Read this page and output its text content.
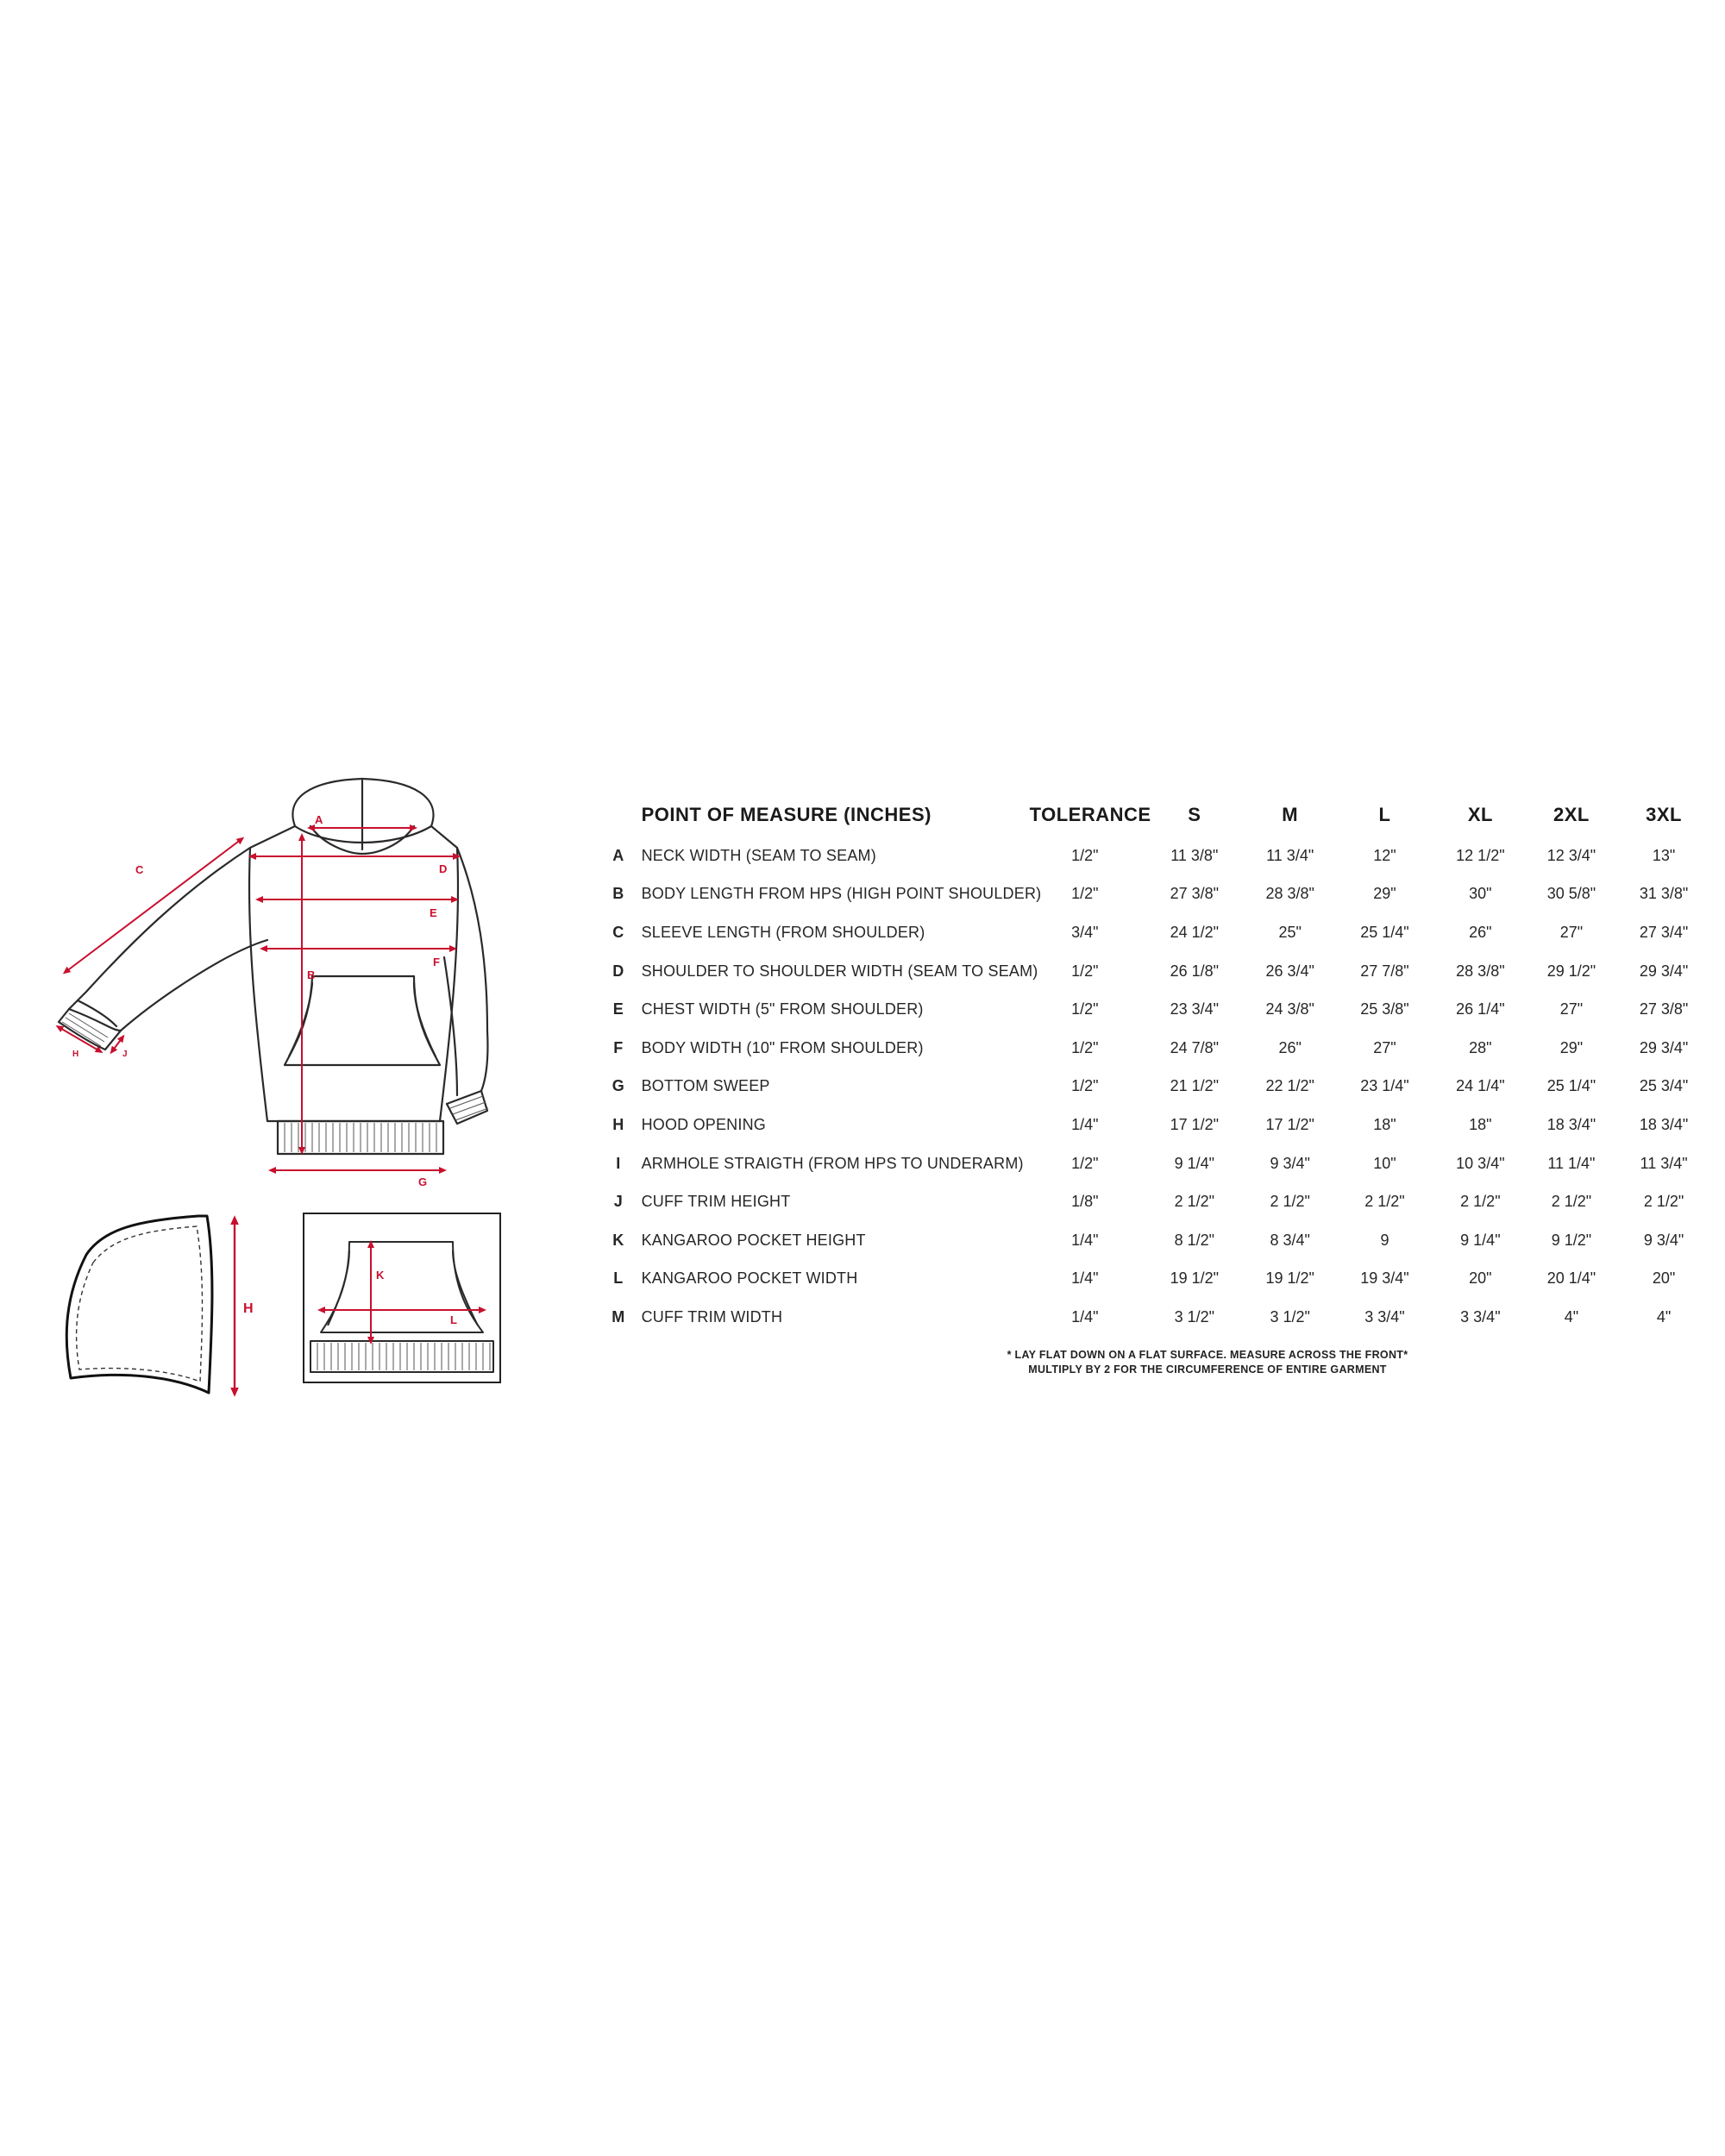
A
B
C	D
E
F
G
H	J
H
K
L
	POINT OF MEASURE (INCHES)	TOLERANCE	S	M	L	XL	2XL	3XL
A	NECK WIDTH (SEAM TO SEAM)	1/2"	11 3/8"	11 3/4"	12"	12 1/2"	12 3/4"	13"
B	BODY LENGTH FROM HPS (HIGH POINT SHOULDER)	1/2"	27 3/8"	28 3/8"	29"	30"	30 5/8"	31 3/8"
C	SLEEVE LENGTH (FROM SHOULDER)	3/4"	24 1/2"	25"	25 1/4"	26"	27"	27 3/4"
D	SHOULDER TO SHOULDER WIDTH (SEAM TO SEAM)	1/2"	26 1/8"	26 3/4"	27 7/8"	28 3/8"	29 1/2"	29 3/4"
E	CHEST WIDTH (5" FROM SHOULDER)	1/2"	23 3/4"	24 3/8"	25 3/8"	26 1/4"	27"	27 3/8"
F	BODY WIDTH (10" FROM SHOULDER)	1/2"	24 7/8"	26"	27"	28"	29"	29 3/4"
G	BOTTOM SWEEP	1/2"	21 1/2"	22 1/2"	23 1/4"	24 1/4"	25 1/4"	25 3/4"
H	HOOD OPENING	1/4"	17 1/2"	17 1/2"	18"	18"	18 3/4"	18 3/4"
I	ARMHOLE STRAIGTH (FROM HPS TO UNDERARM)	1/2"	9 1/4"	9 3/4"	10"	10 3/4"	11 1/4"	11 3/4"
J	CUFF TRIM HEIGHT	1/8"	2 1/2"	2 1/2"	2 1/2"	2 1/2"	2 1/2"	2 1/2"
K	KANGAROO POCKET HEIGHT	1/4"	8 1/2"	8 3/4"	9	9 1/4"	9 1/2"	9 3/4"
L	KANGAROO POCKET WIDTH	1/4"	19 1/2"	19 1/2"	19 3/4"	20"	20 1/4"	20"
M	CUFF TRIM WIDTH	1/4"	3 1/2"	3 1/2"	3 3/4"	3 3/4"	4"	4"
* LAY FLAT DOWN ON A FLAT SURFACE. MEASURE ACROSS THE FRONT*
MULTIPLY BY 2 FOR THE CIRCUMFERENCE OF ENTIRE GARMENT
